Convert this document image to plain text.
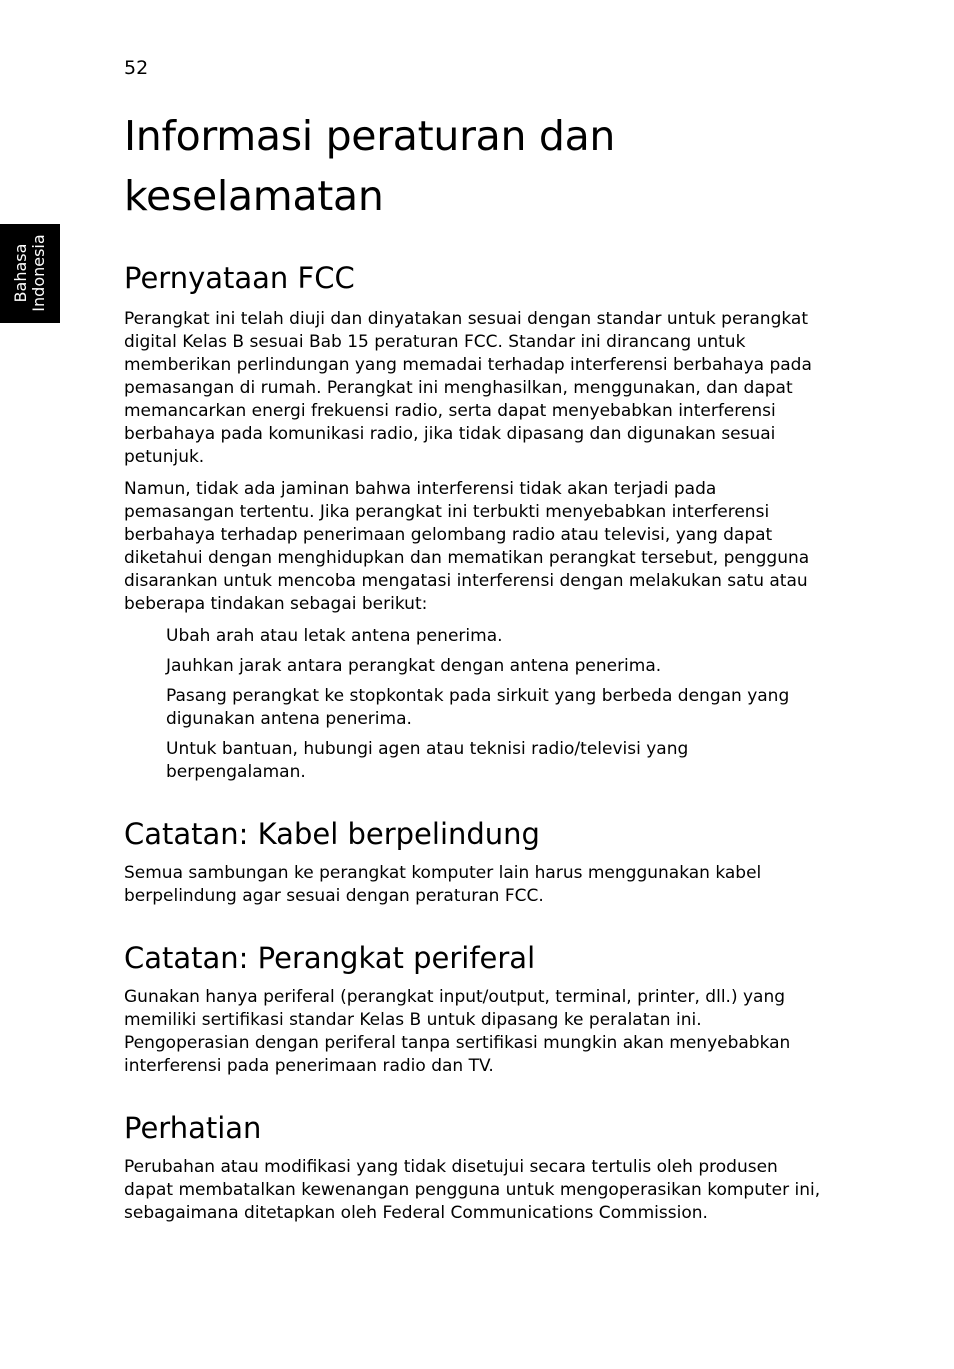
52
Bahasa Indonesia
Informasi peraturan dan keselamatan
Pernyataan FCC

Perangkat ini telah diuji dan dinyatakan sesuai dengan standar untuk perangkat digital Kelas B sesuai Bab 15 peraturan FCC. Standar ini dirancang untuk memberikan perlindungan yang memadai terhadap interferensi berbahaya pada pemasangan di rumah. Perangkat ini menghasilkan, menggunakan, dan dapat memancarkan energi frekuensi radio, serta dapat menyebabkan interferensi berbahaya pada komunikasi radio, jika tidak dipasang dan digunakan sesuai petunjuk.

Namun, tidak ada jaminan bahwa interferensi tidak akan terjadi pada pemasangan tertentu. Jika perangkat ini terbukti menyebabkan interferensi berbahaya terhadap penerimaan gelombang radio atau televisi, yang dapat diketahui dengan menghidupkan dan mematikan perangkat tersebut, pengguna disarankan untuk mencoba mengatasi interferensi dengan melakukan satu atau beberapa tindakan sebagai berikut:

Ubah arah atau letak antena penerima.
Jauhkan jarak antara perangkat dengan antena penerima.
Pasang perangkat ke stopkontak pada sirkuit yang berbeda dengan yang digunakan antena penerima.
Untuk bantuan, hubungi agen atau teknisi radio/televisi yang berpengalaman.
Catatan: Kabel berpelindung

Semua sambungan ke perangkat komputer lain harus menggunakan kabel berpelindung agar sesuai dengan peraturan FCC.

Catatan: Perangkat periferal

Gunakan hanya periferal (perangkat input/output, terminal, printer, dll.) yang memiliki sertifikasi standar Kelas B untuk dipasang ke peralatan ini. Pengoperasian dengan periferal tanpa sertifikasi mungkin akan menyebabkan interferensi pada penerimaan radio dan TV.

Perhatian

Perubahan atau modifikasi yang tidak disetujui secara tertulis oleh produsen dapat membatalkan kewenangan pengguna untuk mengoperasikan komputer ini, sebagaimana ditetapkan oleh Federal Communications Commission.
